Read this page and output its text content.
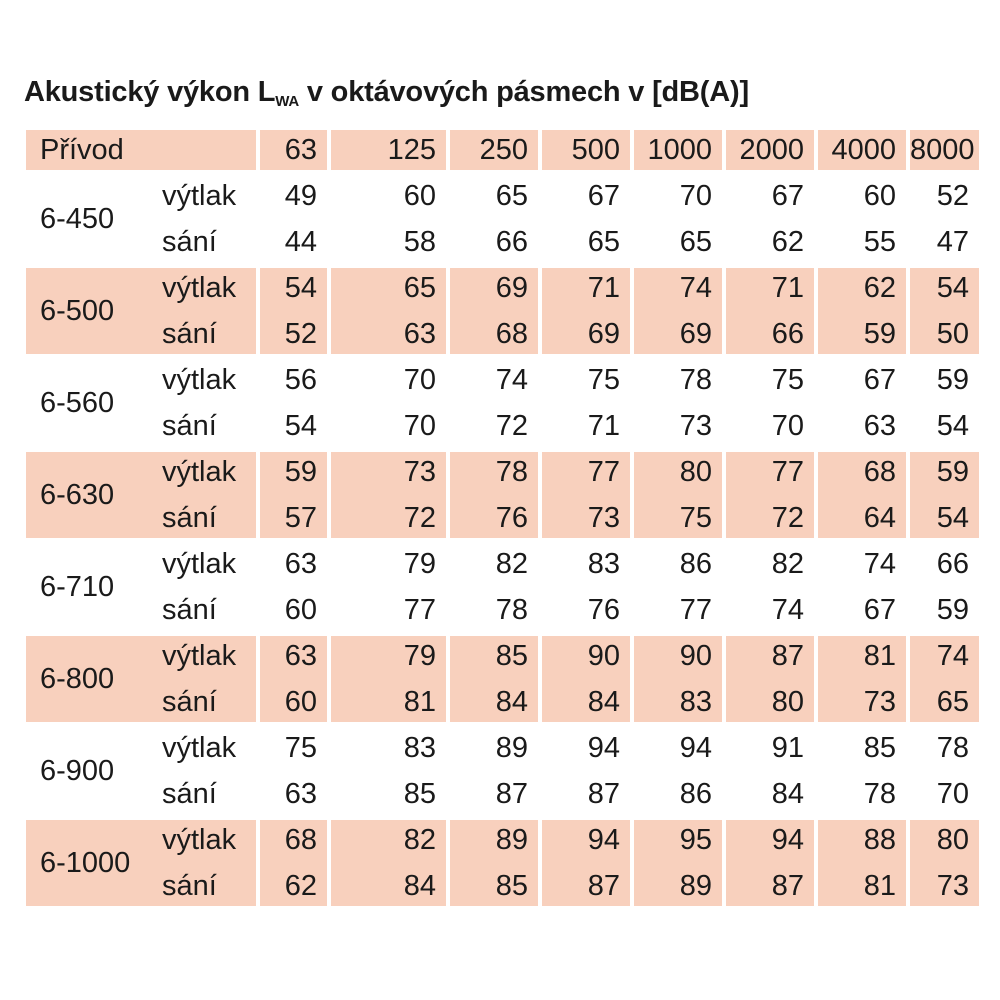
Akustický výkon $L_{WA}$ v oktávových pásmech v [dB(A)]
Přívod	63	125	250	500 1000 2000 4000 8000
6-450
výtlak	49	60	65	67	70	67	60	52
sání	44	58	66	65	65	62	55	47
6-500
výtlak	54	65	69	71	74	71	62	54
sání	52	63	68	69	69	66	59	50
6-560
výtlak	56	70	74	75	78	75	67	59
sání	54	70	72	71	73	70	63	54
6-630
výtlak	59	73	78	77	80	77	68	59
sání	57	72	76	73	75	72	64	54
6-710
výtlak	63	79	82	83	86	82	74	66
sání	60	77	78	76	77	74	67	59
6-800
výtlak	63	79	85	90	90	87	81	74
sání	60	81	84	84	83	80	73	65
6-900
výtlak	75	83	89	94	94	91	85	78
sání	63	85	87	87	86	84	78	70
6-1000
výtlak	68	82	89	94	95	94	88	80
sání	62	84	85	87	89	87	81	73
